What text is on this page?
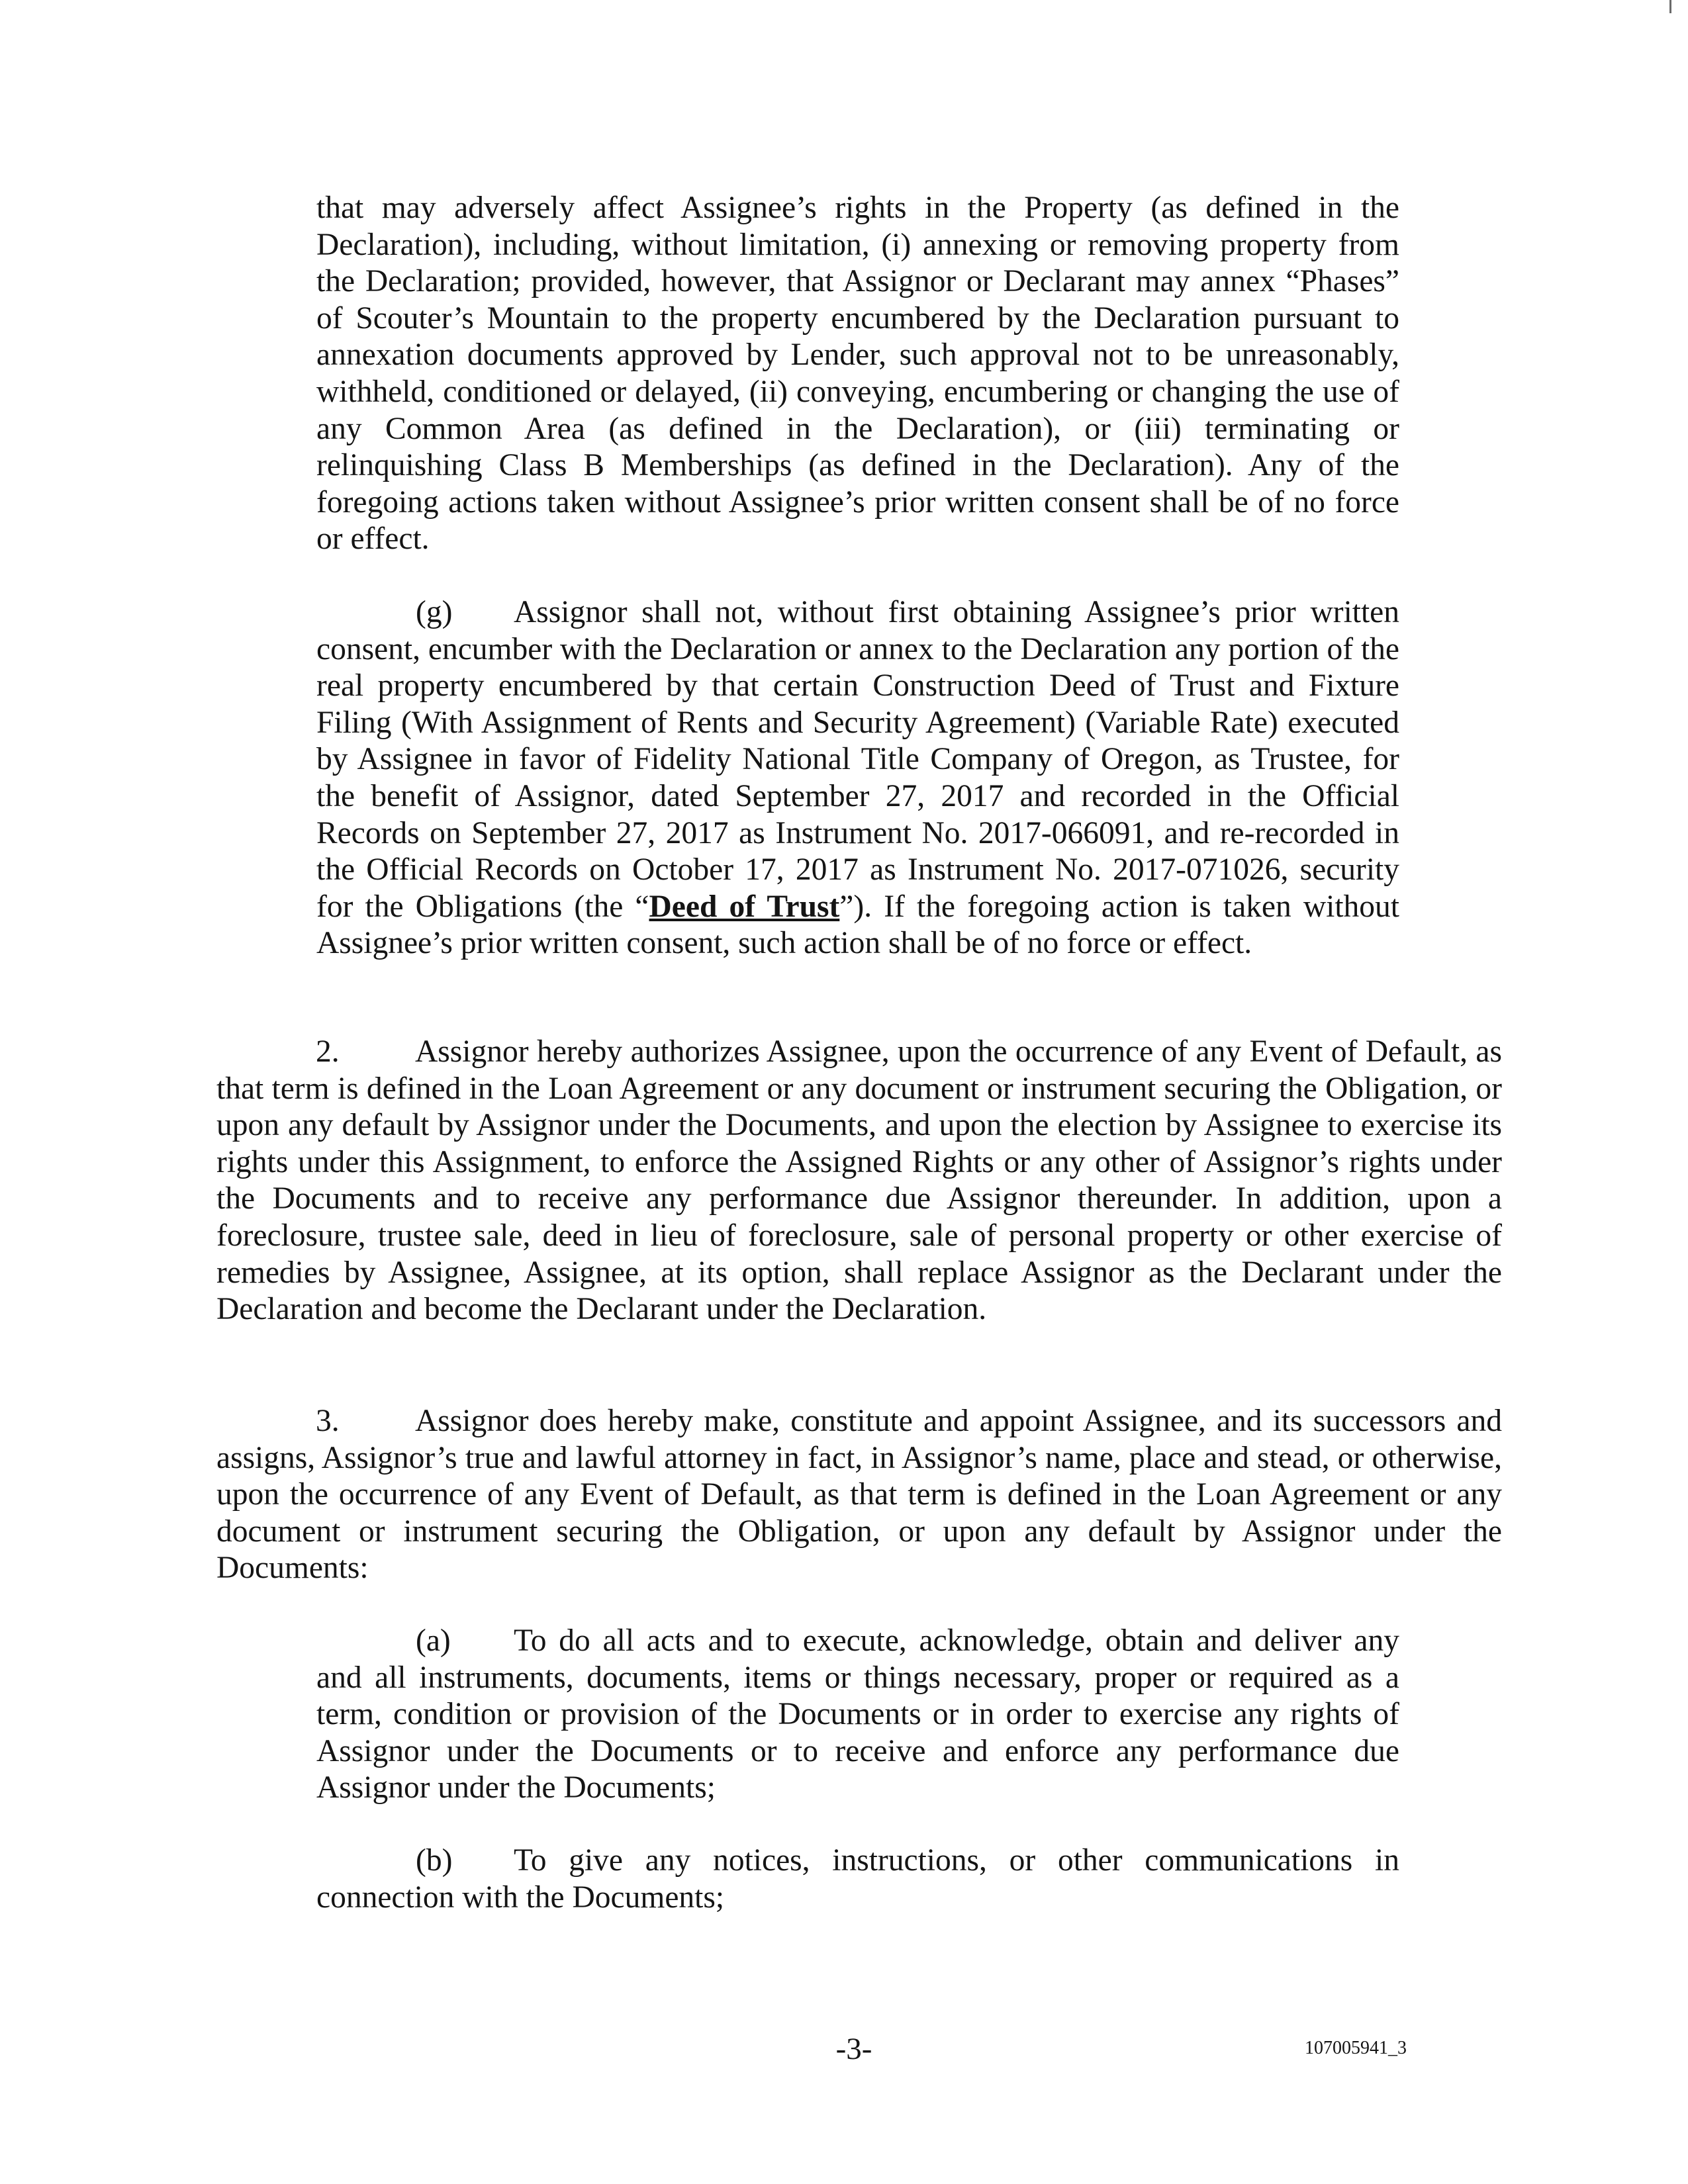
that may adversely affect Assignee’s rights in the Property (as defined in the Declaration), including, without limitation, (i) annexing or removing property from the Declaration; provided, however, that Assignor or Declarant may annex “Phases” of Scouter’s Mountain to the property encumbered by the Declaration pursuant to annexation documents approved by Lender, such approval not to be unreasonably, withheld, conditioned or delayed, (ii) conveying, encumbering or changing the use of any Common Area (as defined in the Declaration), or (iii) terminating or relinquishing Class B Memberships (as defined in the Declaration). Any of the foregoing actions taken without Assignee’s prior written consent shall be of no force or effect.

(g) Assignor shall not, without first obtaining Assignee’s prior written consent, encumber with the Declaration or annex to the Declaration any portion of the real property encumbered by that certain Construction Deed of Trust and Fixture Filing (With Assignment of Rents and Security Agreement) (Variable Rate) executed by Assignee in favor of Fidelity National Title Company of Oregon, as Trustee, for the benefit of Assignor, dated September 27, 2017 and recorded in the Official Records on September 27, 2017 as Instrument No. 2017-066091, and re-recorded in the Official Records on October 17, 2017 as Instrument No. 2017-071026, security for the Obligations (the “Deed of Trust”). If the foregoing action is taken without Assignee’s prior written consent, such action shall be of no force or effect.

2. Assignor hereby authorizes Assignee, upon the occurrence of any Event of Default, as that term is defined in the Loan Agreement or any document or instrument securing the Obligation, or upon any default by Assignor under the Documents, and upon the election by Assignee to exercise its rights under this Assignment, to enforce the Assigned Rights or any other of Assignor’s rights under the Documents and to receive any performance due Assignor thereunder. In addition, upon a foreclosure, trustee sale, deed in lieu of foreclosure, sale of personal property or other exercise of remedies by Assignee, Assignee, at its option, shall replace Assignor as the Declarant under the Declaration and become the Declarant under the Declaration.

3. Assignor does hereby make, constitute and appoint Assignee, and its successors and assigns, Assignor’s true and lawful attorney in fact, in Assignor’s name, place and stead, or otherwise, upon the occurrence of any Event of Default, as that term is defined in the Loan Agreement or any document or instrument securing the Obligation, or upon any default by Assignor under the Documents:

(a) To do all acts and to execute, acknowledge, obtain and deliver any and all instruments, documents, items or things necessary, proper or required as a term, condition or provision of the Documents or in order to exercise any rights of Assignor under the Documents or to receive and enforce any performance due Assignor under the Documents;

(b) To give any notices, instructions, or other communications in connection with the Documents;

-3-	107005941_3
